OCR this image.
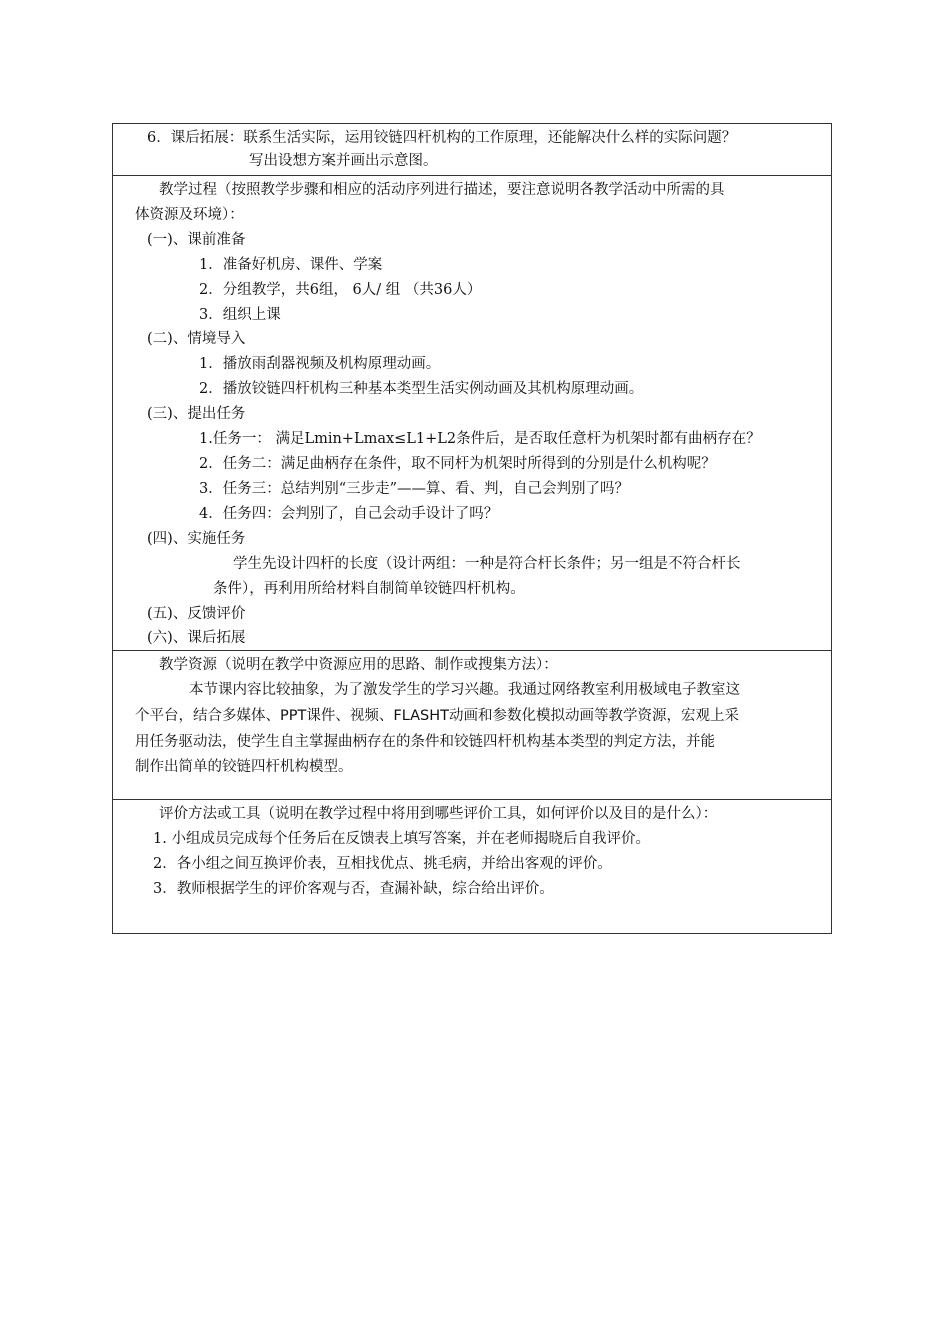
6．课后拓展：联系生活实际，运用铰链四杆机构的工作原理，还能解决什么样的实际问题？
写出设想方案并画出示意图。
教学过程（按照教学步骤和相应的活动序列进行描述，要注意说明各教学活动中所需的具
体资源及环境）：
(一)、课前准备
1．准备好机房、课件、学案
2．分组教学，共6组， 6人/ 组 （共36人）
3．组织上课
(二)、情境导入
1．播放雨刮器视频及机构原理动画。
2．播放铰链四杆机构三种基本类型生活实例动画及其机构原理动画。
(三)、提出任务
1.任务一： 满足Lmin+Lmax≤L1+L2条件后，是否取任意杆为机架时都有曲柄存在？
2．任务二：满足曲柄存在条件，取不同杆为机架时所得到的分别是什么机构呢？
3．任务三：总结判别“三步走”——算、看、判，自己会判别了吗？
4．任务四：会判别了，自己会动手设计了吗？
(四)、实施任务
学生先设计四杆的长度（设计两组：一种是符合杆长条件；另一组是不符合杆长
条件），再利用所给材料自制简单铰链四杆机构。
(五)、反馈评价
(六)、课后拓展
教学资源（说明在教学中资源应用的思路、制作或搜集方法）：
本节课内容比较抽象，为了激发学生的学习兴趣。我通过网络教室利用极域电子教室这
个平台，结合多媒体、PPT课件、视频、FLASHT动画和参数化模拟动画等教学资源，宏观上采
用任务驱动法，使学生自主掌握曲柄存在的条件和铰链四杆机构基本类型的判定方法，并能
制作出简单的铰链四杆机构模型。
评价方法或工具（说明在教学过程中将用到哪些评价工具，如何评价以及目的是什么）：
1. 小组成员完成每个任务后在反馈表上填写答案，并在老师揭晓后自我评价。
2．各小组之间互换评价表，互相找优点、挑毛病，并给出客观的评价。
3．教师根据学生的评价客观与否，查漏补缺，综合给出评价。
